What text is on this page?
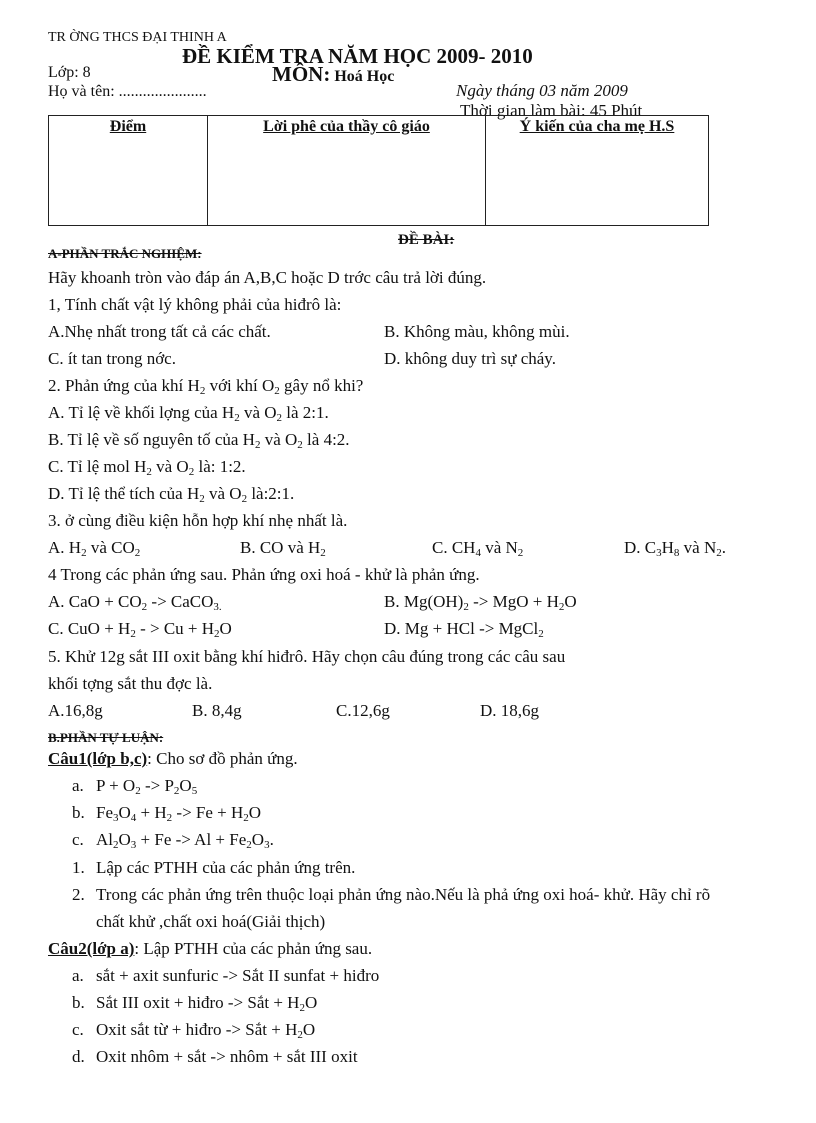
TR ỜNG THCS ĐẠI THINH A
ĐỀ KIỂM TRA NĂM HỌC 2009- 2010
Lớp: 8	MÔN: Hoá Học
Họ và tên: ......................	Ngày tháng 03 năm 2009
Thời gian làm bài: 45 Phút
Điểm	Lời phê của thầy cô giáo	Ý kiến của cha mẹ H.S
ĐỀ BÀI:
A-PHẦN TRẮC NGHIỆM:
Hãy khoanh tròn vào đáp án A,B,C hoặc D trớc câu trả lời đúng.
1, Tính chất vật lý không phải của hiđrô là:
A.Nhẹ nhất trong tất cả các chất.	B. Không màu, không mùi.
C. ít tan trong nớc.	D. không duy trì sự cháy.
2. Phản ứng của khí $H_2$ với khí $O_2$ gây nổ khi?
A. Tỉ lệ về khối lợng của $H_2$ và $O_2$ là 2:1.
B. Tỉ lệ về số nguyên tố của $H_2$ và $O_2$ là 4:2.
C. Tỉ lệ mol $H_2$ và $O_2$ là: 1:2.
D. Tỉ lệ thể tích của $H_2$ và $O_2$ là:2:1.
3. ở cùng điều kiện hỗn hợp khí nhẹ nhất là.
A. $H_2$ và $CO_2$	B. CO và $H_2$	C. $CH_4$ và $N_2$	D. $C_3H_8$ và $N_2$.
4 Trong các phản ứng sau. Phản ứng oxi hoá - khử là phản ứng.
A. CaO + $CO_2$ -> CaCO$_{3.}$	B. $Mg(OH)_2$ -> MgO + $H_2O$
C. CuO + $H_2$ - > $Cu + H_2O$	D. Mg + HCl -> MgCl$_2$
5. Khử 12g sắt III oxit bằng khí hiđrô. Hãy chọn câu đúng trong các câu sau
khối tợng sắt thu đợc là.
A.16,8g	B. 8,4g	C.12,6g	D. 18,6g
B.PHẦN TỰ LUẬN:
Câu1(lớp b,c): Cho sơ đồ phản ứng.
a. $P + O_2 -> P_2O_5$
b. $Fe_3O_4 + H_2 -> Fe + H_2O$
c. $Al_2O_3 + Fe -> Al + Fe_2O_3$.
1. Lập các PTHH của các phản ứng trên.
2. Trong các phản ứng trên thuộc loại phản ứng nào.Nếu là phả ứng oxi hoá- khử. Hãy chỉ rõ
chất khử ,chất oxi hoá(Giải thịch)
Câu2(lớp a): Lập PTHH của các phản ứng sau.
a. sắt + axit sunfuric -> Sắt II sunfat + hiđro
b. Sắt III oxit + hiđro -> Sắt + $H_2O$
c. Oxit sắt từ + hiđro -> Sắt + $H_2O$
d. Oxit nhôm + sắt -> nhôm + sắt III oxit
